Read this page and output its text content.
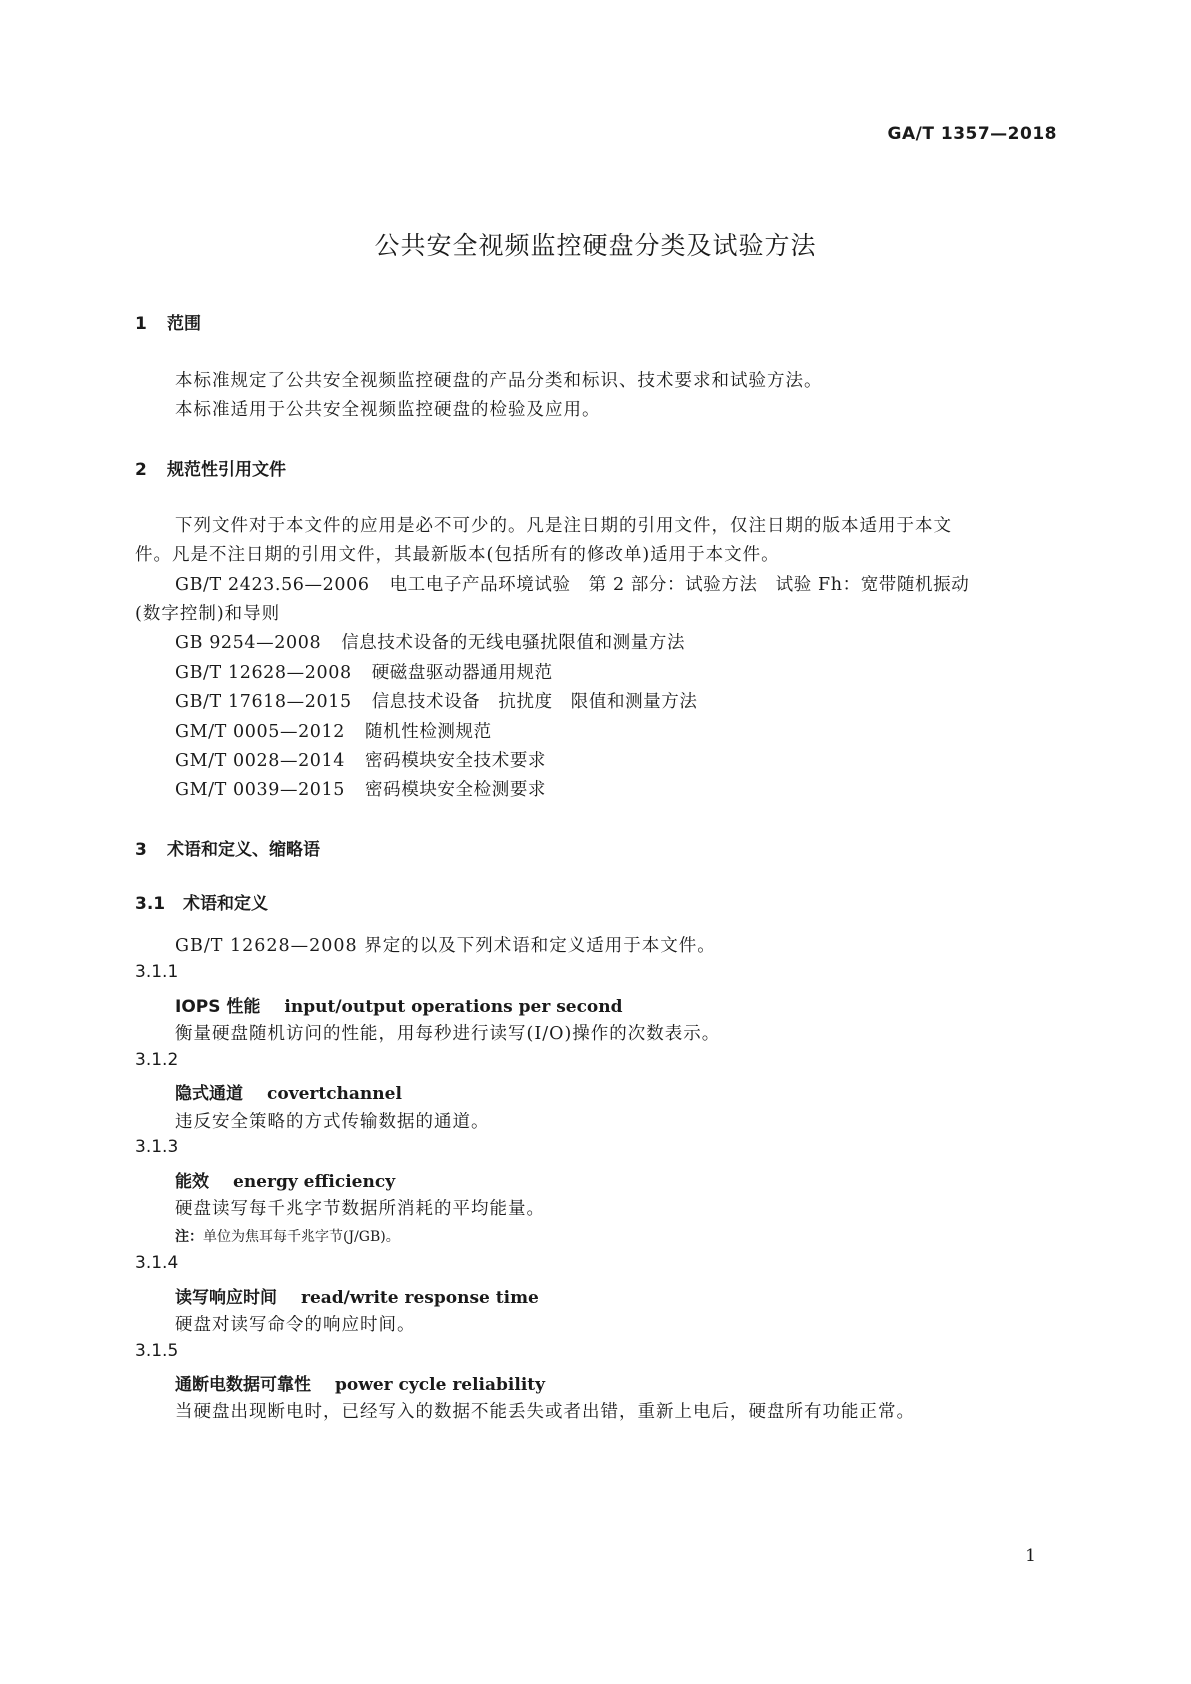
GA/T 1357—2018
公共安全视频监控硬盘分类及试验方法
1 范围
本标准规定了公共安全视频监控硬盘的产品分类和标识、技术要求和试验方法。
本标准适用于公共安全视频监控硬盘的检验及应用。
2 规范性引用文件
下列文件对于本文件的应用是必不可少的。凡是注日期的引用文件，仅注日期的版本适用于本文
件。凡是不注日期的引用文件，其最新版本(包括所有的修改单)适用于本文件。
GB/T 2423.56—2006 电工电子产品环境试验　第 2 部分：试验方法　试验 Fh：宽带随机振动
(数字控制)和导则
GB 9254—2008 信息技术设备的无线电骚扰限值和测量方法
GB/T 12628—2008 硬磁盘驱动器通用规范
GB/T 17618—2015 信息技术设备　抗扰度　限值和测量方法
GM/T 0005—2012 随机性检测规范
GM/T 0028—2014 密码模块安全技术要求
GM/T 0039—2015 密码模块安全检测要求
3 术语和定义、缩略语
3.1 术语和定义
GB/T 12628—2008 界定的以及下列术语和定义适用于本文件。
3.1.1
IOPS 性能 input/output operations per second
衡量硬盘随机访问的性能，用每秒进行读写(I/O)操作的次数表示。
3.1.2
隐式通道 covertchannel
违反安全策略的方式传输数据的通道。
3.1.3
能效 energy efficiency
硬盘读写每千兆字节数据所消耗的平均能量。
注：单位为焦耳每千兆字节(J/GB)。
3.1.4
读写响应时间 read/write response time
硬盘对读写命令的响应时间。
3.1.5
通断电数据可靠性 power cycle reliability
当硬盘出现断电时，已经写入的数据不能丢失或者出错，重新上电后，硬盘所有功能正常。
1
